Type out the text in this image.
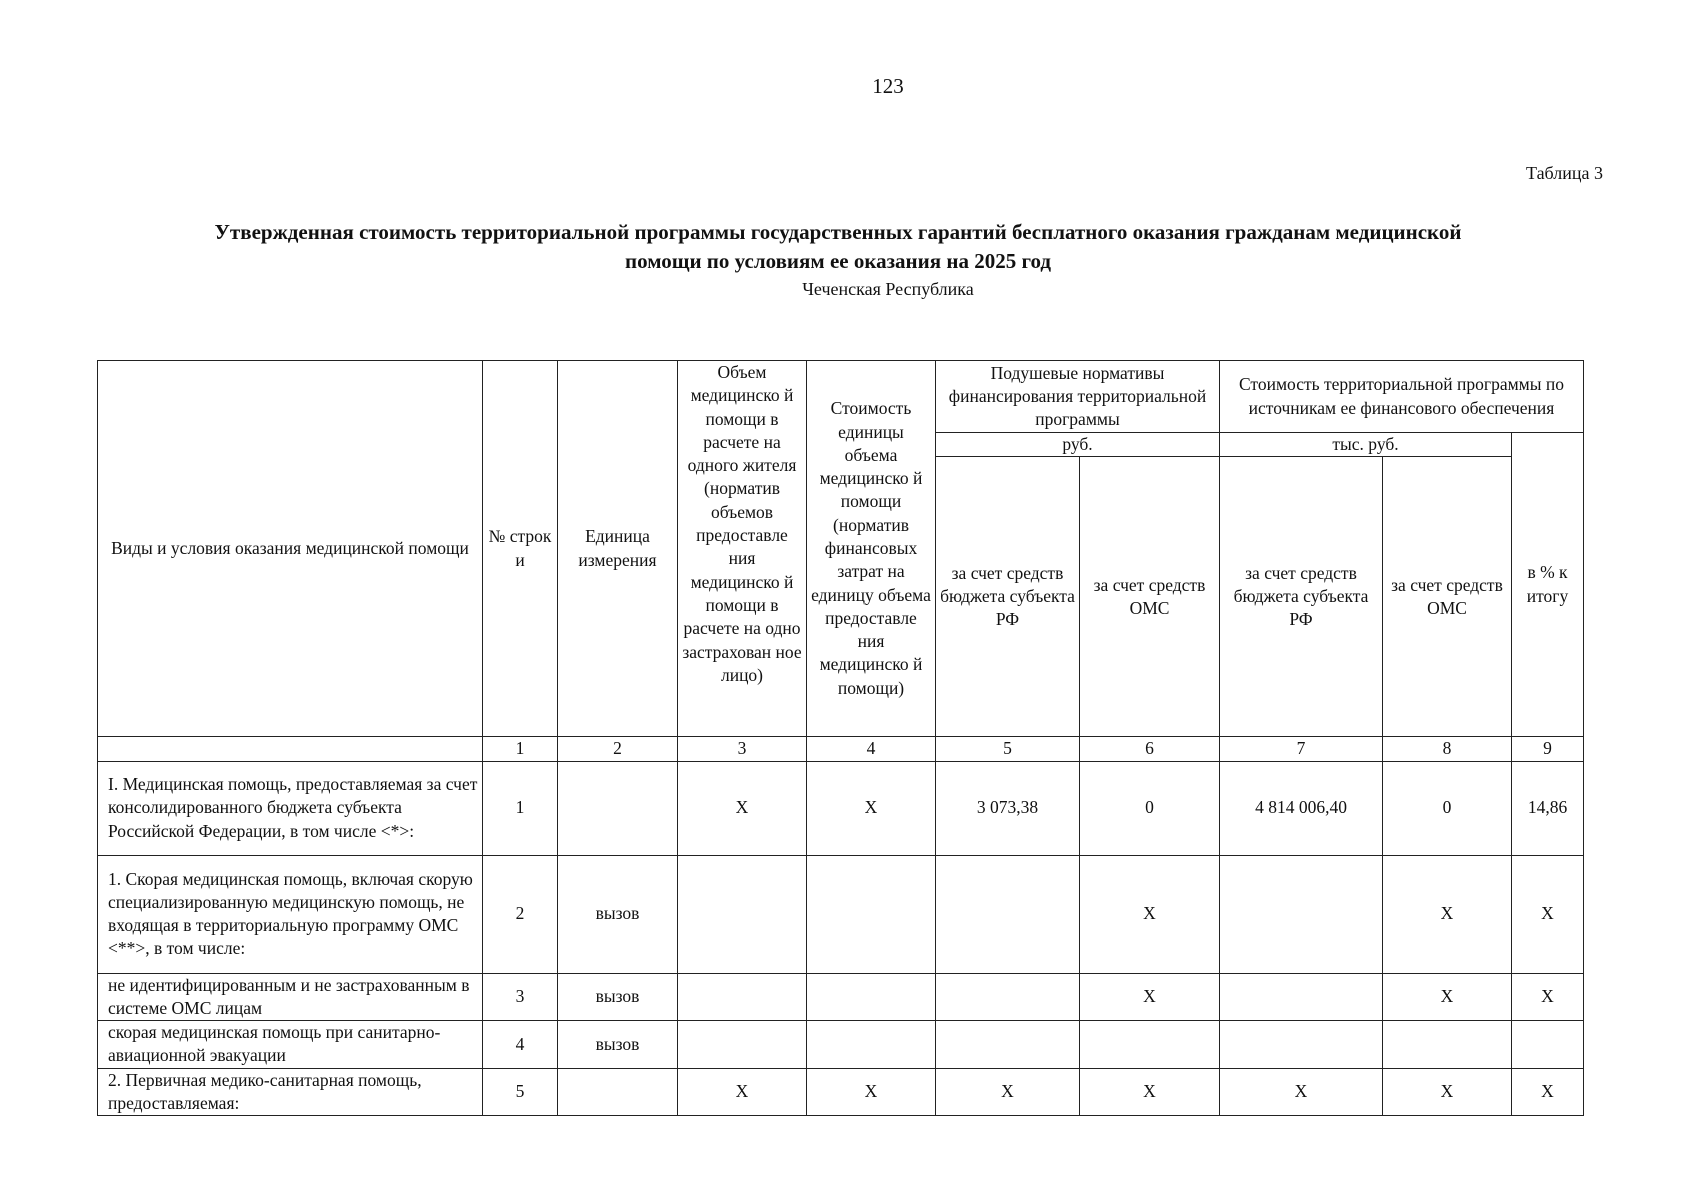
123
Таблица 3
Утвержденная стоимость территориальной программы государственных гарантий бесплатного оказания гражданам медицинской
помощи по условиям ее оказания на 2025 год
Чеченская Республика
Виды и условия оказания медицинской помощи	№ строк и	Единица измерения	Объем медицинско й помощи в расчете на одного жителя (норматив объемов предоставле ния медицинско й помощи в расчете на одно застрахован ное лицо)	Стоимость единицы объема медицинско й помощи (норматив финансовых затрат на единицу объема предоставле ния медицинско й помощи)	Подушевые нормативы финансирования территориальной программы		Стоимость территориальной программы по источникам ее финансового обеспечения		
					руб.		тыс. руб.		в % к итогу
					за счет средств бюджета субъекта РФ	за счет средств ОМС	за счет средств бюджета субъекта РФ	за счет средств ОМС	
	1	2	3	4	5	6	7	8	9
I. Медицинская помощь, предоставляемая за счет консолидированного бюджета субъекта Российской Федерации, в том числе <*>:	1		X	X	3 073,38	0	4 814 006,40	0	14,86
1. Скорая медицинская помощь, включая скорую специализированную медицинскую помощь, не входящая в территориальную программу ОМС <**>, в том числе:	2	вызов				X		X	X
не идентифицированным и не застрахованным в системе ОМС лицам	3	вызов				X		X	X
скорая медицинская помощь при санитарно-авиационной эвакуации	4	вызов							
2. Первичная медико-санитарная помощь, предоставляемая:	5		X	X	X	X	X	X	X
